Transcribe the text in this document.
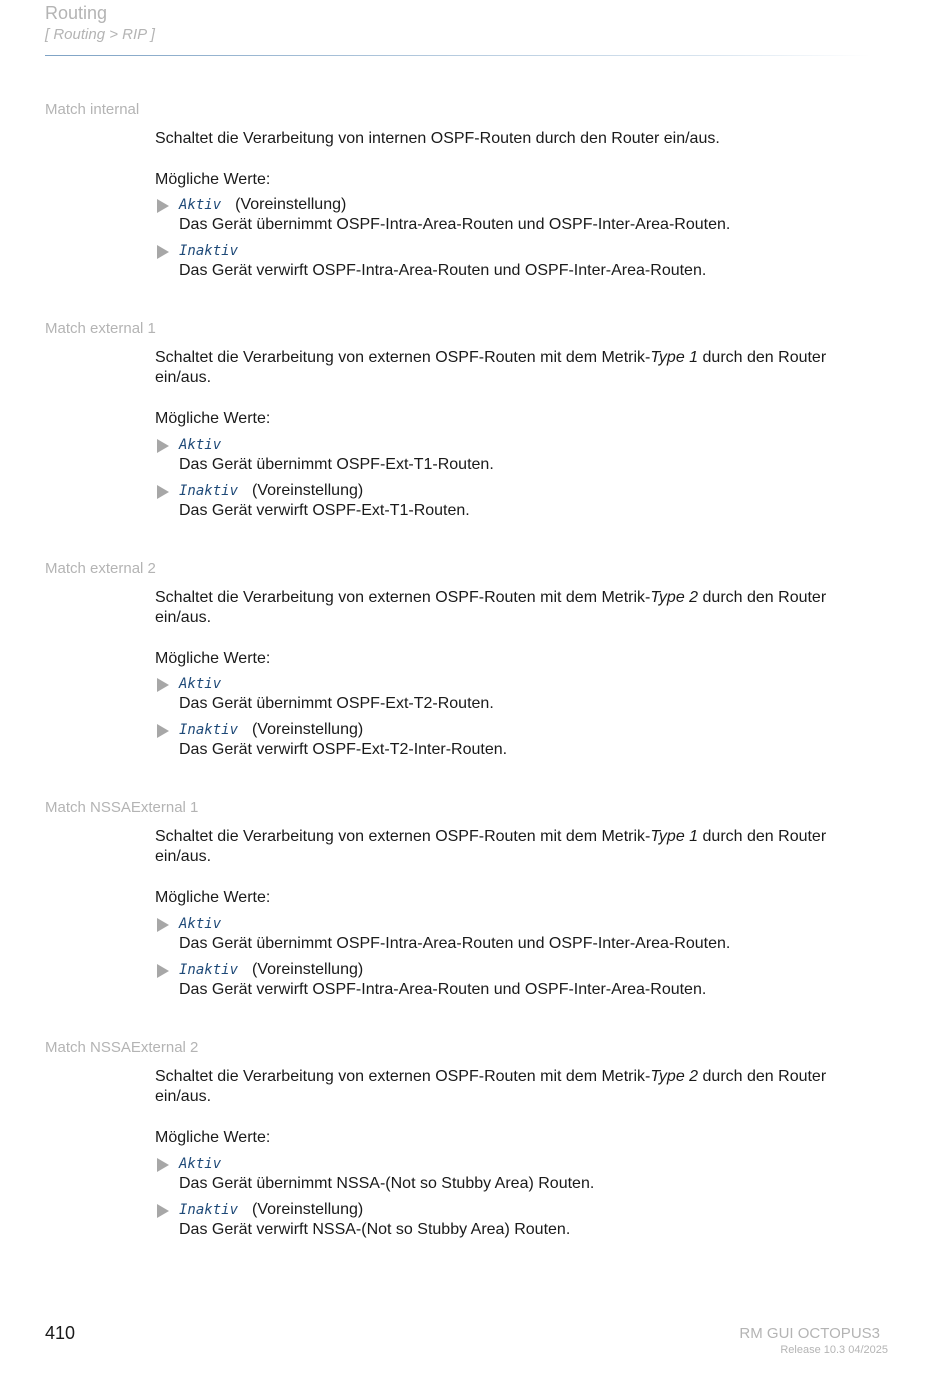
Routing
[ Routing > RIP ]
Match internal
Schaltet die Verarbeitung von internen OSPF-Routen durch den Router ein/aus.
Mögliche Werte:
Aktiv (Voreinstellung)
Das Gerät übernimmt OSPF-Intra-Area-Routen und OSPF-Inter-Area-Routen.
Inaktiv
Das Gerät verwirft OSPF-Intra-Area-Routen und OSPF-Inter-Area-Routen.
Match external 1
Schaltet die Verarbeitung von externen OSPF-Routen mit dem Metrik-Type 1 durch den Router ein/aus.
Mögliche Werte:
Aktiv
Das Gerät übernimmt OSPF-Ext-T1-Routen.
Inaktiv (Voreinstellung)
Das Gerät verwirft OSPF-Ext-T1-Routen.
Match external 2
Schaltet die Verarbeitung von externen OSPF-Routen mit dem Metrik-Type 2 durch den Router ein/aus.
Mögliche Werte:
Aktiv
Das Gerät übernimmt OSPF-Ext-T2-Routen.
Inaktiv (Voreinstellung)
Das Gerät verwirft OSPF-Ext-T2-Inter-Routen.
Match NSSAExternal 1
Schaltet die Verarbeitung von externen OSPF-Routen mit dem Metrik-Type 1 durch den Router ein/aus.
Mögliche Werte:
Aktiv
Das Gerät übernimmt OSPF-Intra-Area-Routen und OSPF-Inter-Area-Routen.
Inaktiv (Voreinstellung)
Das Gerät verwirft OSPF-Intra-Area-Routen und OSPF-Inter-Area-Routen.
Match NSSAExternal 2
Schaltet die Verarbeitung von externen OSPF-Routen mit dem Metrik-Type 2 durch den Router ein/aus.
Mögliche Werte:
Aktiv
Das Gerät übernimmt NSSA-(Not so Stubby Area) Routen.
Inaktiv (Voreinstellung)
Das Gerät verwirft NSSA-(Not so Stubby Area) Routen.
410	RM GUI OCTOPUS3
Release 10.3 04/2025
